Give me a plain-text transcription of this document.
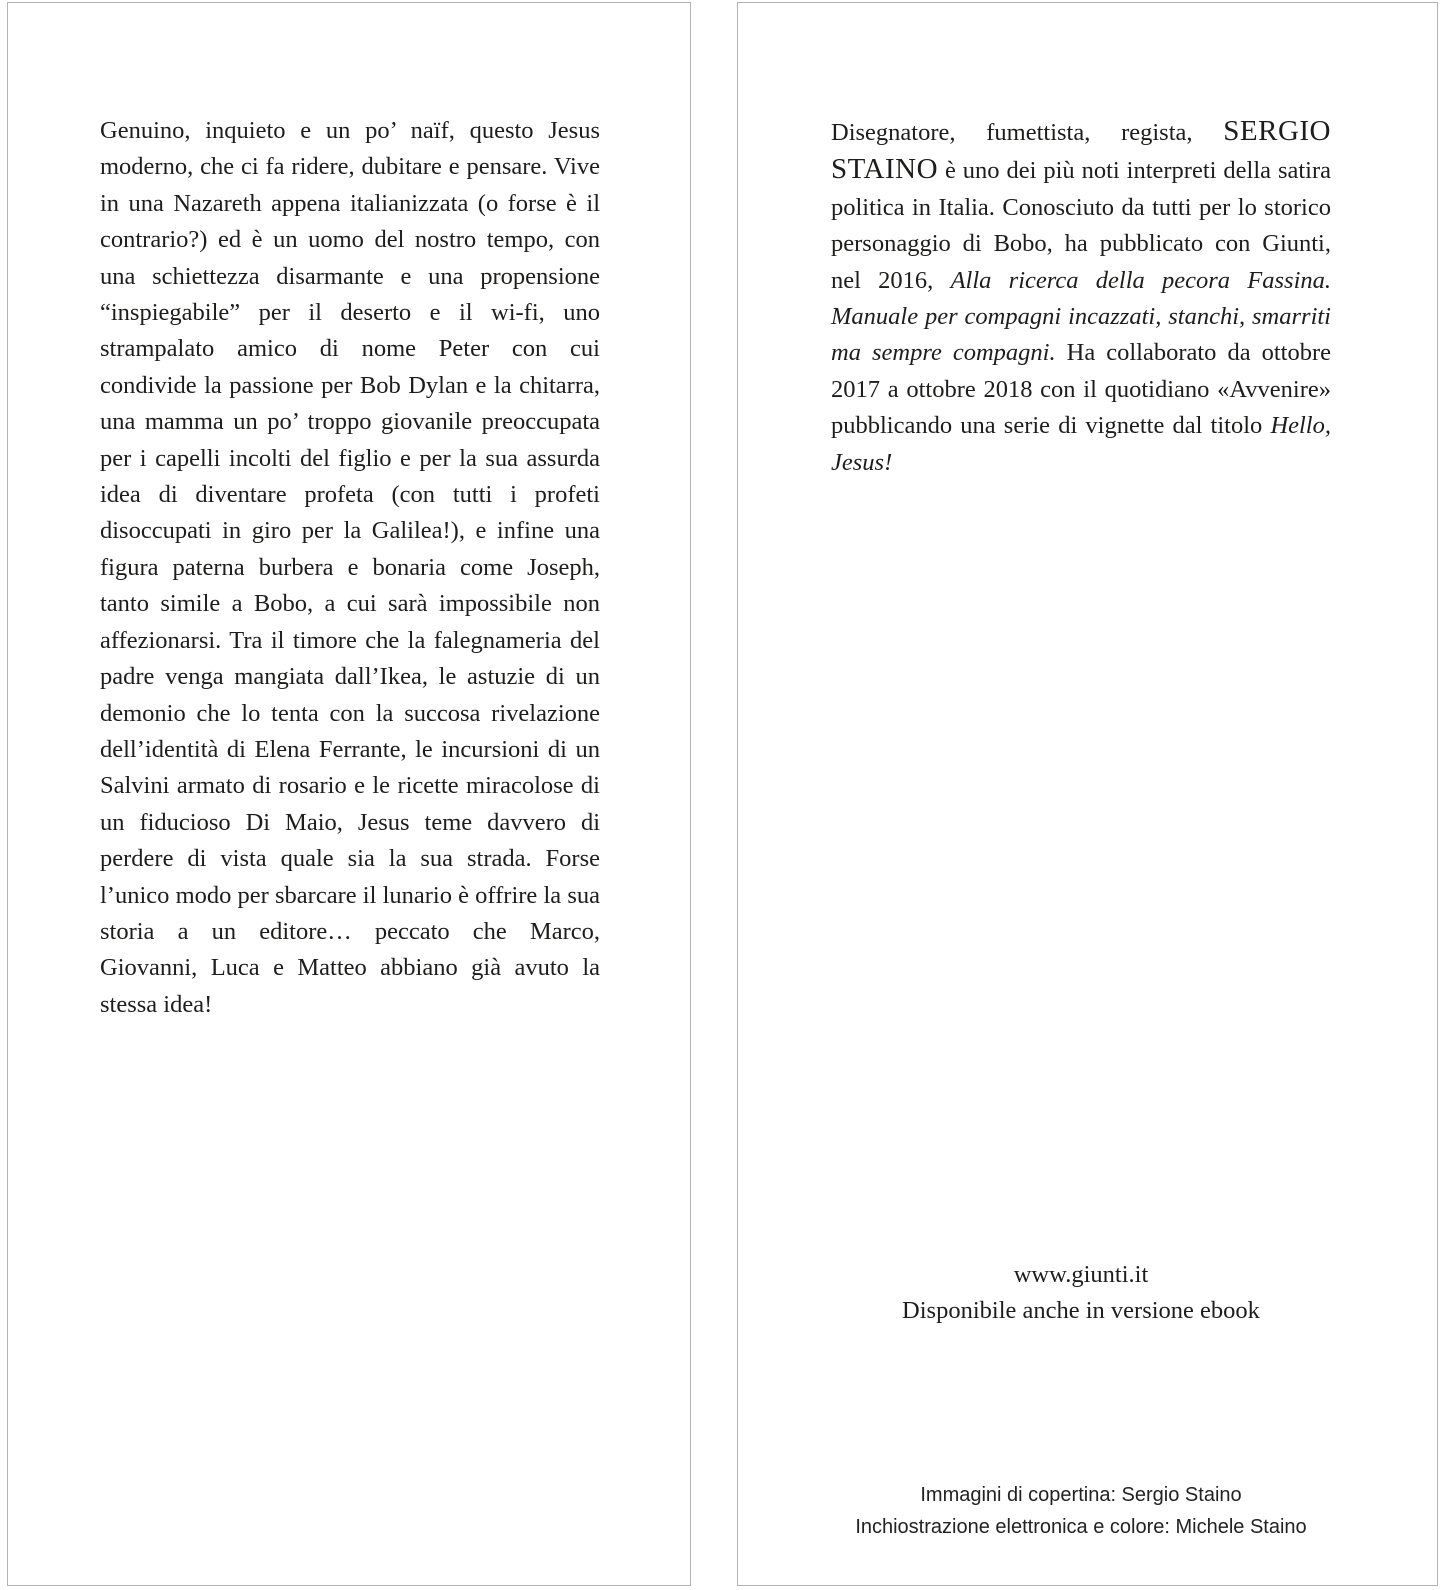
Genuino, inquieto e un po’ naïf, questo Jesus moderno, che ci fa ridere, dubitare e pensare. Vive in una Nazareth appena italianizzata (o forse è il contrario?) ed è un uomo del nostro tempo, con una schiettezza disarmante e una propensione “inspiegabile” per il deserto e il wi-fi, uno strampalato amico di nome Peter con cui condivide la passione per Bob Dylan e la chitarra, una mamma un po’ troppo giovanile preoccupata per i capelli incolti del figlio e per la sua assurda idea di diventare profeta (con tutti i profeti disoccupati in giro per la Galilea!), e infine una figura paterna burbera e bonaria come Joseph, tanto simile a Bobo, a cui sarà impossibile non affezionarsi. Tra il timore che la falegnameria del padre venga mangiata dall’Ikea, le astuzie di un demonio che lo tenta con la succosa rivelazione dell’identità di Elena Ferrante, le incursioni di un Salvini armato di rosario e le ricette miracolose di un fiducioso Di Maio, Jesus teme davvero di perdere di vista quale sia la sua strada. Forse l’unico modo per sbarcare il lunario è offrire la sua storia a un editore… peccato che Marco, Giovanni, Luca e Matteo abbiano già avuto la stessa idea!

Disegnatore, fumettista, regista, SERGIO STAINO è uno dei più noti interpreti della satira politica in Italia. Conosciuto da tutti per lo storico personaggio di Bobo, ha pubblicato con Giunti, nel 2016, Alla ricerca della pecora Fassina. Manuale per compagni incazzati, stanchi, smarriti ma sempre compagni. Ha collaborato da ottobre 2017 a ottobre 2018 con il quotidiano «Avvenire» pubblicando una serie di vignette dal titolo Hello, Jesus!

www.giunti.it
Disponibile anche in versione ebook
Immagini di copertina: Sergio Staino
Inchiostrazione elettronica e colore: Michele Staino
